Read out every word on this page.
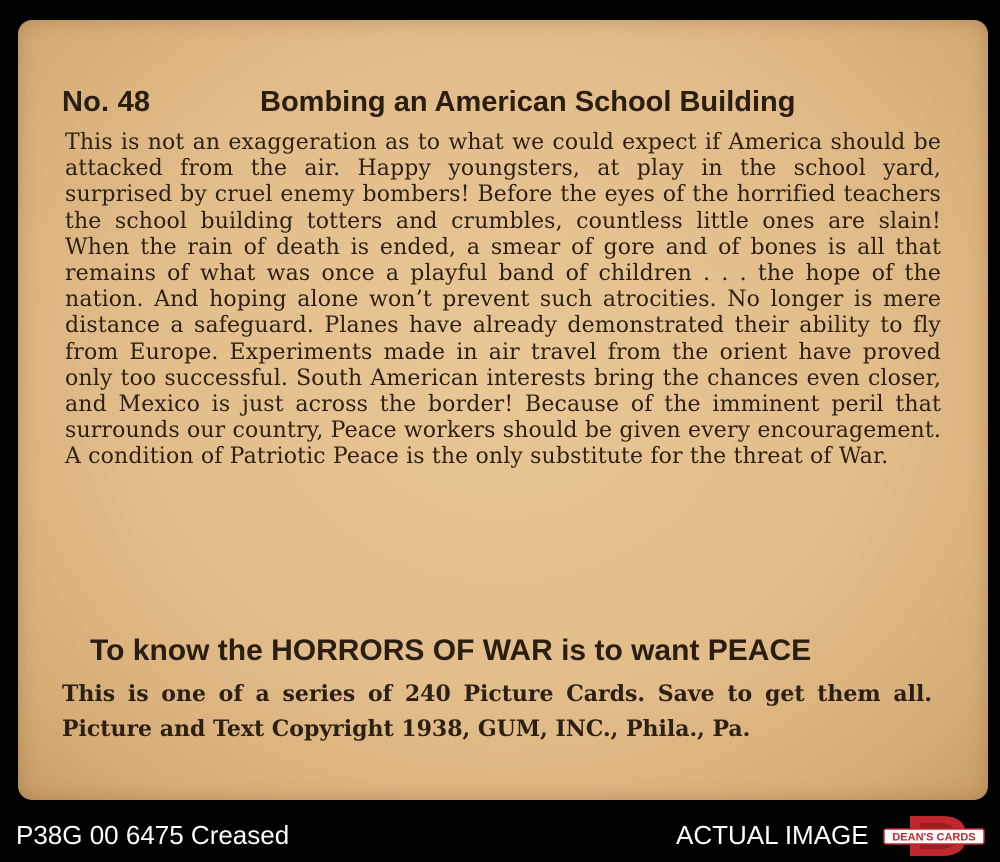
No. 48	Bombing an American School Building
This is not an exaggeration as to what we could expect if America should be attacked from the air. Happy youngsters, at play in the school yard, surprised by cruel enemy bombers! Before the eyes of the horrified teachers the school building totters and crumbles, countless little ones are slain! When the rain of death is ended, a smear of gore and of bones is all that remains of what was once a playful band of children . . . the hope of the nation. And hoping alone won’t prevent such atrocities. No longer is mere distance a safeguard. Planes have already demonstrated their ability to fly from Europe. Experiments made in air travel from the orient have proved only too successful. South American interests bring the chances even closer, and Mexico is just across the border! Because of the imminent peril that surrounds our country, Peace workers should be given every encouragement. A condition of Patriotic Peace is the only substitute for the threat of War.
To know the HORRORS OF WAR is to want PEACE
This is one of a series of 240 Picture Cards. Save to get them all. Picture and Text Copyright 1938, GUM, INC., Phila., Pa.
P38G 00 6475 Creased	ACTUAL IMAGE DEAN'S CARDS
